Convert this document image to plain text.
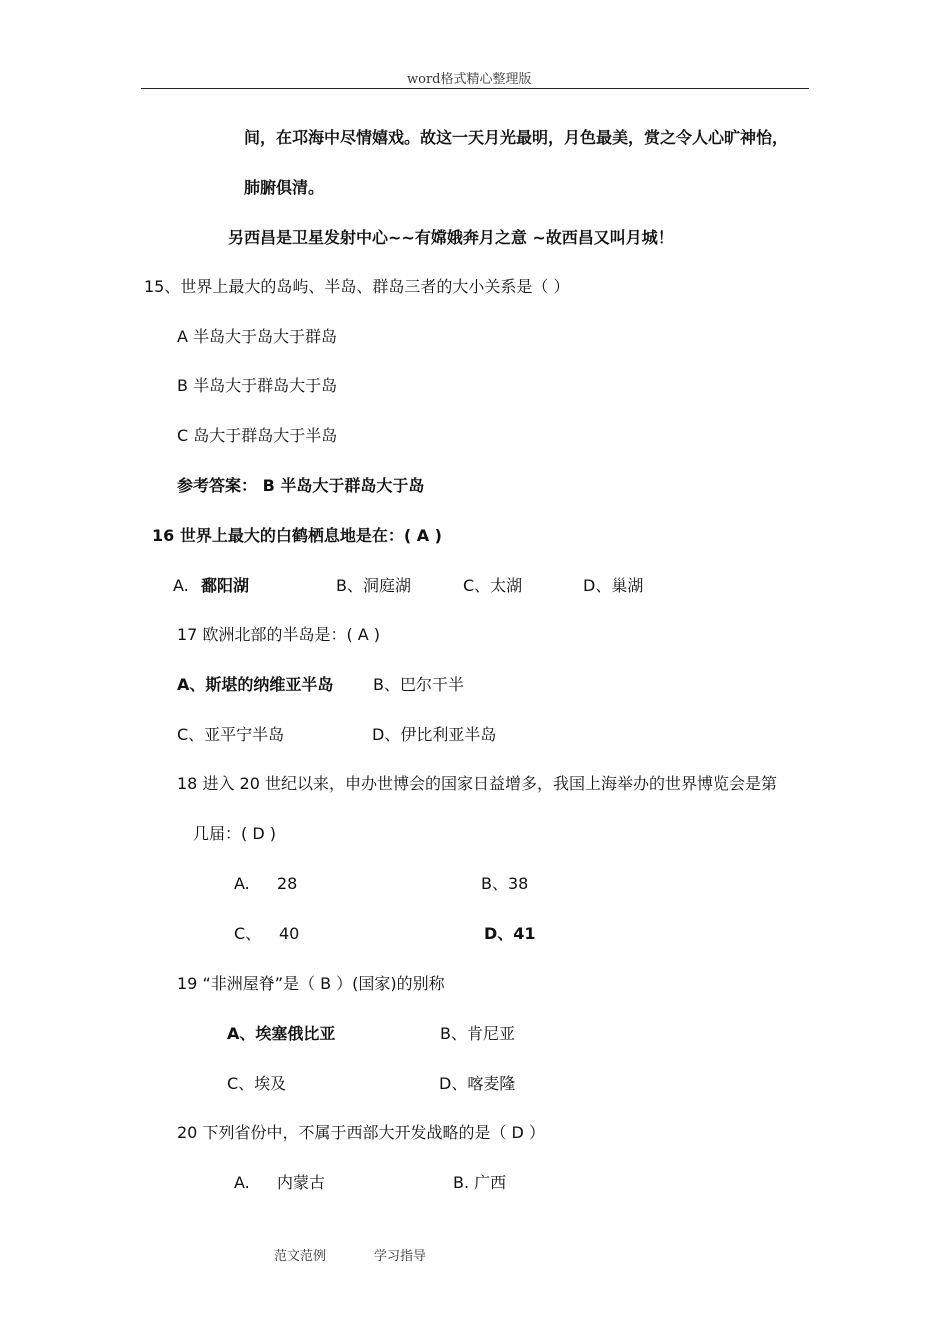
word格式精心整理版
间，在邛海中尽情嬉戏。故这一天月光最明，月色最美，赏之令人心旷神怡，
肺腑俱清。
另西昌是卫星发射中心~~有嫦娥奔月之意 ~故西昌又叫月城！
15、世界上最大的岛屿、半岛、群岛三者的大小关系是（ ）
A 半岛大于岛大于群岛
B 半岛大于群岛大于岛
C 岛大于群岛大于半岛
参考答案： B 半岛大于群岛大于岛
16 世界上最大的白鹤栖息地是在：( A )
A. 鄱阳湖	B、洞庭湖	C、太湖	D、巢湖
17 欧洲北部的半岛是：( A )
A、斯堪的纳维亚半岛 B、巴尔干半
C、亚平宁半岛	D、伊比利亚半岛
18 进入 20 世纪以来，申办世博会的国家日益增多，我国上海举办的世界博览会是第
几届：( D )
A. 28	B、38
C、 40	D、41
19 “非洲屋脊”是（ B ）(国家)的别称
A、埃塞俄比亚	B、肯尼亚
C、埃及	D、喀麦隆
20 下列省份中，不属于西部大开发战略的是（ D ）
A. 内蒙古	B. 广西
范文范例	学习指导
